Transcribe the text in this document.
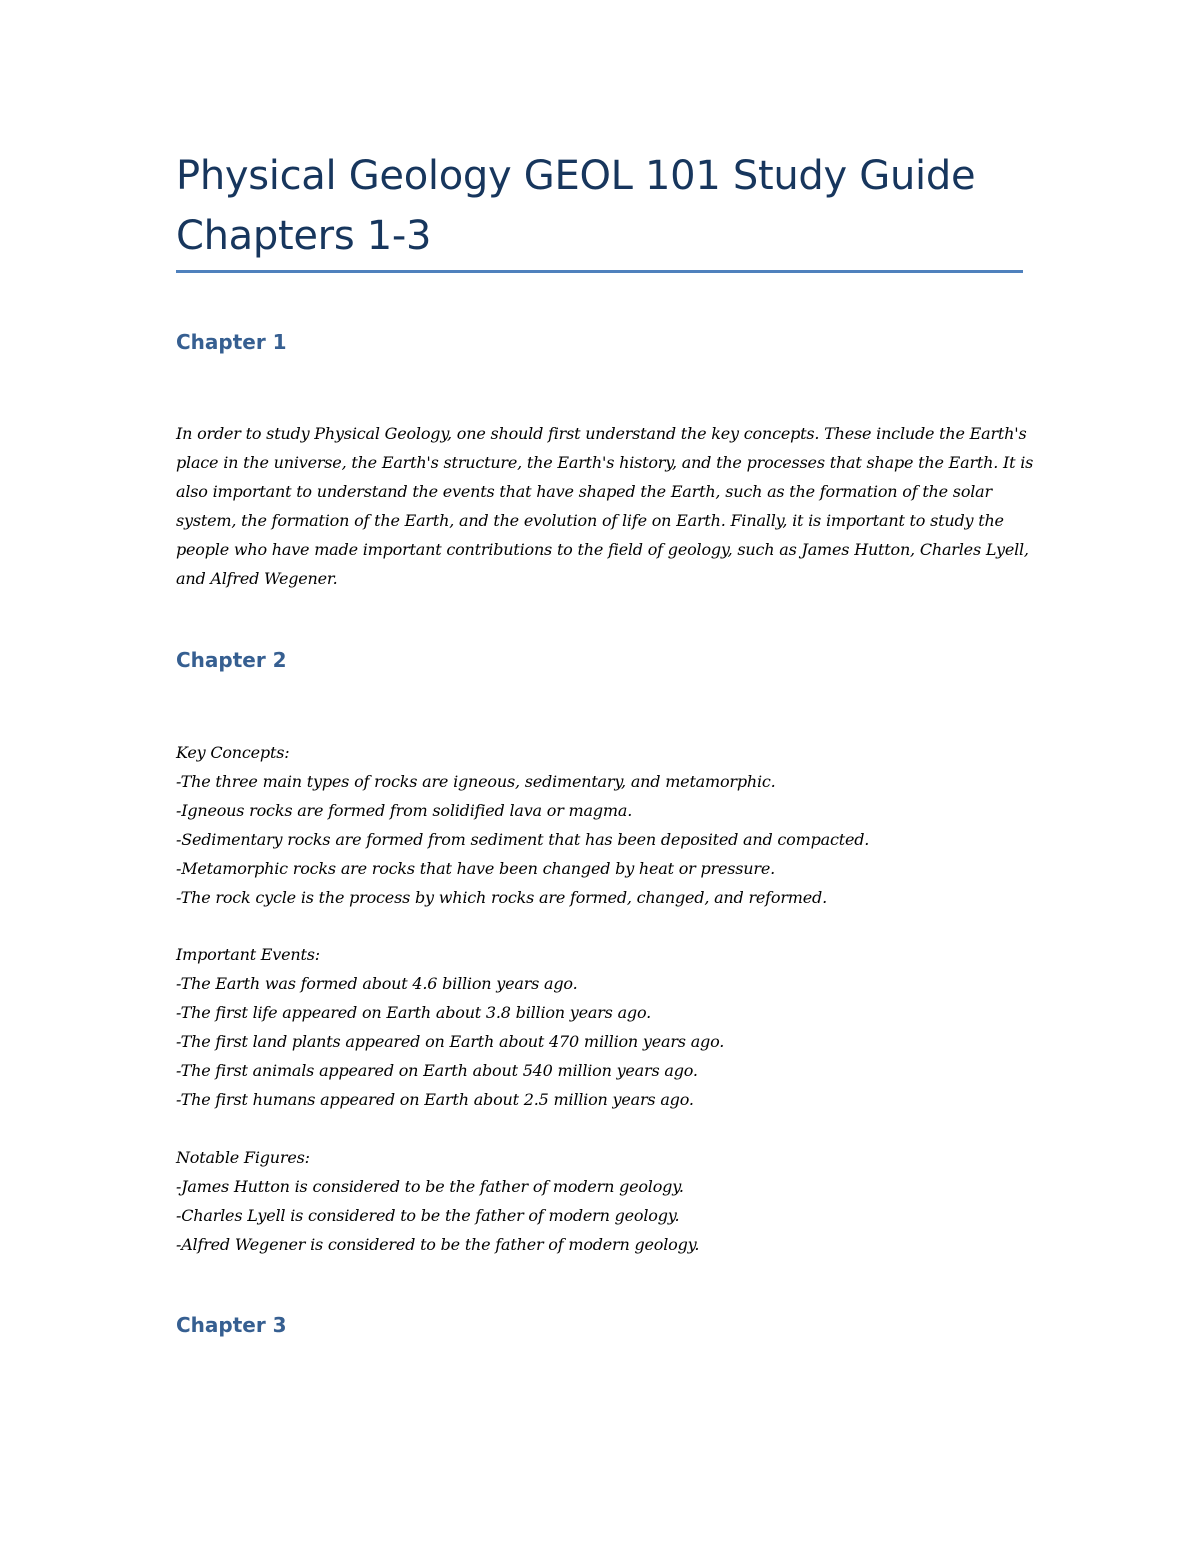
Physical Geology GEOL 101 Study Guide Chapters 1-3
Chapter 1

In order to study Physical Geology, one should first understand the key concepts. These include the Earth's place in the universe, the Earth's structure, the Earth's history, and the processes that shape the Earth. It is also important to understand the events that have shaped the Earth, such as the formation of the solar system, the formation of the Earth, and the evolution of life on Earth. Finally, it is important to study the people who have made important contributions to the field of geology, such as James Hutton, Charles Lyell, and Alfred Wegener.

Chapter 2
Key Concepts:
-The three main types of rocks are igneous, sedimentary, and metamorphic.
-Igneous rocks are formed from solidified lava or magma.
-Sedimentary rocks are formed from sediment that has been deposited and compacted.
-Metamorphic rocks are rocks that have been changed by heat or pressure.
-The rock cycle is the process by which rocks are formed, changed, and reformed.
Important Events:
-The Earth was formed about 4.6 billion years ago.
-The first life appeared on Earth about 3.8 billion years ago.
-The first land plants appeared on Earth about 470 million years ago.
-The first animals appeared on Earth about 540 million years ago.
-The first humans appeared on Earth about 2.5 million years ago.
Notable Figures:
-James Hutton is considered to be the father of modern geology.
-Charles Lyell is considered to be the father of modern geology.
-Alfred Wegener is considered to be the father of modern geology.
Chapter 3
